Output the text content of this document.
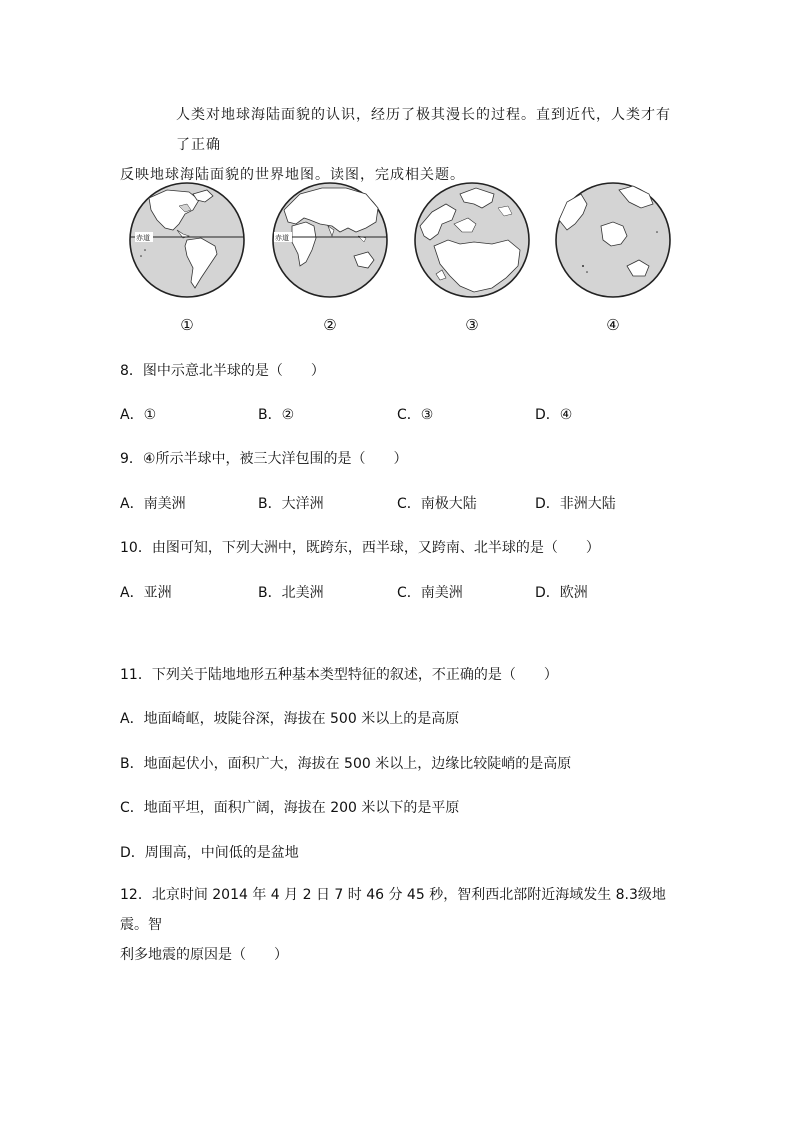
人类对地球海陆面貌的认识，经历了极其漫长的过程。直到近代，人类才有了正确
反映地球海陆面貌的世界地图。读图，完成相关题。
赤道
①
赤道
②	③	④
8．图中示意北半球的是（　　）
A．①	B．②	C．③	D．④
9．④所示半球中，被三大洋包围的是（　　）
A．南美洲	B．大洋洲	C．南极大陆	D．非洲大陆
10．由图可知，下列大洲中，既跨东，西半球，又跨南、北半球的是（　　）
A．亚洲	B．北美洲	C．南美洲	D．欧洲
11．下列关于陆地地形五种基本类型特征的叙述，不正确的是（　　）
A．地面崎岖，坡陡谷深，海拔在 500 米以上的是高原
B．地面起伏小，面积广大，海拔在 500 米以上，边缘比较陡峭的是高原
C．地面平坦，面积广阔，海拔在 200 米以下的是平原
D．周围高，中间低的是盆地
12．北京时间 2014 年 4 月 2 日 7 时 46 分 45 秒，智利西北部附近海域发生 8.3级地震。智
利多地震的原因是（　　）
